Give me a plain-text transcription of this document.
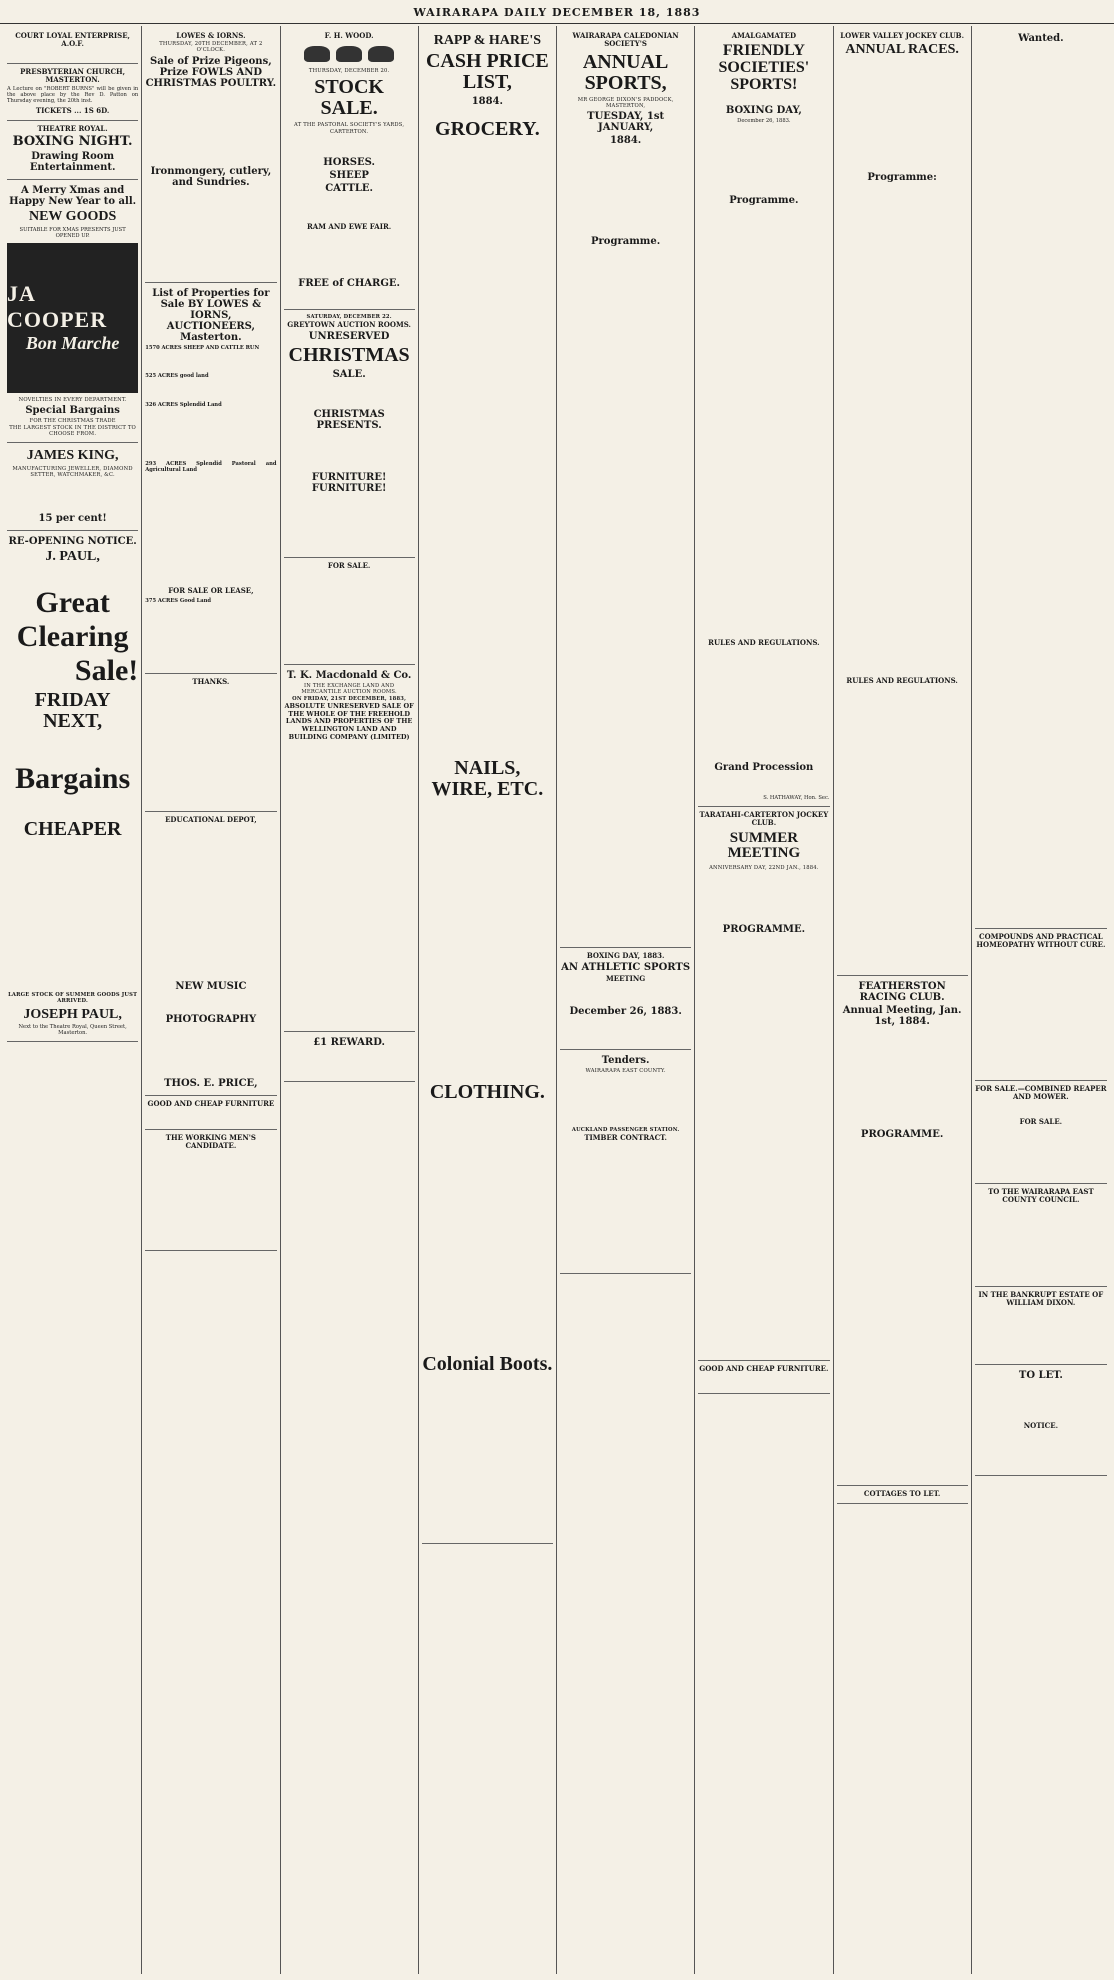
WAIRARAPA DAILY DECEMBER 18, 1883
COURT LOYAL ENTERPRISE, A.O.F.

PRESBYTERIAN CHURCH, MASTERTON.
A Lecture on "ROBERT BURNS" will be given in the above place by the Rev D. Patton on Thursday evening, the 20th inst.
TICKETS ... 1S 6D.
THEATRE ROYAL.
BOXING NIGHT.
Drawing Room Entertainment.
A Merry Xmas and Happy New Year to all.
NEW GOODS
SUITABLE FOR XMAS PRESENTS JUST OPENED UP.
JA COOPER
Bon Marche
NOVELTIES IN EVERY DEPARTMENT.
Special Bargains
FOR THE CHRISTMAS TRADE
THE LARGEST STOCK IN THE DISTRICT TO CHOOSE FROM.
JAMES KING,
MANUFACTURING JEWELLER, DIAMOND SETTER, WATCHMAKER, &C.

15 per cent!
RE-OPENING NOTICE.
J. PAUL,

Great
Clearing
Sale!
FRIDAY NEXT,

Bargains

CHEAPER

LARGE STOCK OF SUMMER GOODS JUST ARRIVED.
JOSEPH PAUL,
Next to the Theatre Royal, Queen Street, Masterton.
LOWES & IORNS.
THURSDAY, 20TH DECEMBER, AT 2 O'CLOCK.
Sale of Prize Pigeons, Prize FOWLS AND CHRISTMAS POULTRY.

Ironmongery, cutlery, and Sundries.

List of Properties for Sale BY LOWES & IORNS, AUCTIONEERS, Masterton.
1570 ACRES SHEEP AND CATTLE RUN

525 ACRES good land

326 ACRES Splendid Land

293 ACRES Splendid Pastoral and Agricultural Land

FOR SALE OR LEASE,
375 ACRES Good Land

THANKS.

EDUCATIONAL DEPOT,

NEW MUSIC

PHOTOGRAPHY

THOS. E. PRICE,
GOOD AND CHEAP FURNITURE

THE WORKING MEN'S CANDIDATE.

F. H. WOOD.
THURSDAY, DECEMBER 20.
STOCK SALE.
AT THE PASTORAL SOCIETY'S YARDS, CARTERTON.

HORSES.
SHEEP
CATTLE.

RAM AND EWE FAIR.

FREE of CHARGE.

SATURDAY, DECEMBER 22.
GREYTOWN AUCTION ROOMS.
UNRESERVED
CHRISTMAS
SALE.

CHRISTMAS PRESENTS.

FURNITURE! FURNITURE!

FOR SALE.

T. K. Macdonald & Co.
IN THE EXCHANGE LAND AND MERCANTILE AUCTION ROOMS.
ON FRIDAY, 21ST DECEMBER, 1883,
ABSOLUTE UNRESERVED SALE OF THE WHOLE OF THE FREEHOLD LANDS AND PROPERTIES OF THE WELLINGTON LAND AND BUILDING COMPANY (LIMITED)

£1 REWARD.

RAPP & HARE'S
CASH PRICE LIST,
1884.

GROCERY.

NAILS, WIRE, ETC.

CLOTHING.

Colonial Boots.

WAIRARAPA CALEDONIAN SOCIETY'S
ANNUAL SPORTS,
MR GEORGE DIXON'S PADDOCK, MASTERTON,
TUESDAY, 1st JANUARY,
1884.

Programme.

BOXING DAY, 1883.
AN ATHLETIC SPORTS
MEETING

December 26, 1883.

Tenders.
WAIRARAPA EAST COUNTY.

AUCKLAND PASSENGER STATION.
TIMBER CONTRACT.

AMALGAMATED
FRIENDLY SOCIETIES' SPORTS!

BOXING DAY,
December 26, 1883.

Programme.

RULES AND REGULATIONS.

Grand Procession

S. HATHAWAY, Hon. Sec.
TARATAHI-CARTERTON JOCKEY CLUB.
SUMMER MEETING
ANNIVERSARY DAY, 22ND JAN., 1884.

PROGRAMME.

GOOD AND CHEAP FURNITURE.

LOWER VALLEY JOCKEY CLUB.
ANNUAL RACES.

Programme:

RULES AND REGULATIONS.

FEATHERSTON RACING CLUB.
Annual Meeting, Jan. 1st, 1884.

PROGRAMME.

COTTAGES TO LET.
Wanted.

COMPOUNDS AND PRACTICAL HOMEOPATHY WITHOUT CURE.

FOR SALE.—COMBINED REAPER AND MOWER.

FOR SALE.

TO THE WAIRARAPA EAST COUNTY COUNCIL.

IN THE BANKRUPT ESTATE OF WILLIAM DIXON.

TO LET.

NOTICE.
